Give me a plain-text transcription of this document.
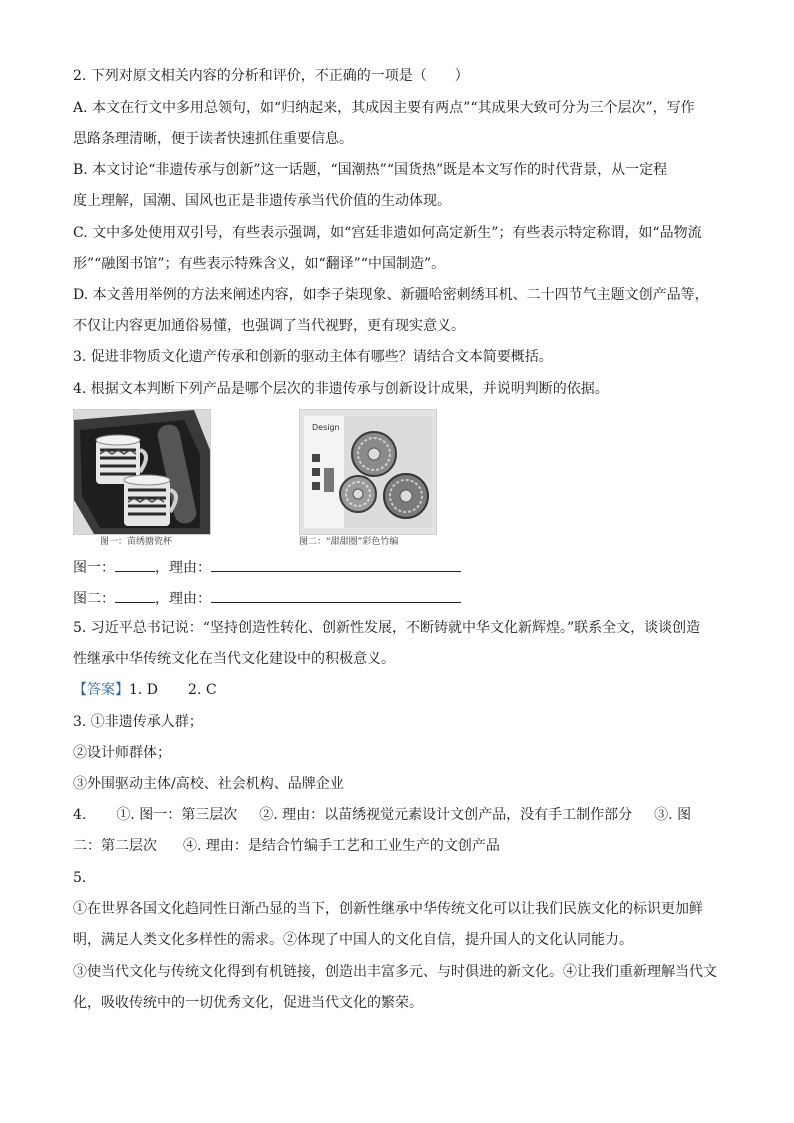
2. 下列对原文相关内容的分析和评价，不正确的一项是（　　）
A. 本文在行文中多用总领句，如“归纳起来，其成因主要有两点”“其成果大致可分为三个层次”，写作
思路条理清晰，便于读者快速抓住重要信息。
B. 本文讨论“非遗传承与创新”这一话题，“国潮热”“国货热”既是本文写作的时代背景，从一定程
度上理解，国潮、国风也正是非遗传承当代价值的生动体现。
C. 文中多处使用双引号，有些表示强调，如“宫廷非遗如何高定新生”；有些表示特定称谓，如“品物流
形”“融图书馆”；有些表示特殊含义，如“翻译”“中国制造”。
D. 本文善用举例的方法来阐述内容，如李子柒现象、新疆哈密刺绣耳机、二十四节气主题文创产品等，
不仅让内容更加通俗易懂，也强调了当代视野，更有现实意义。
3. 促进非物质文化遗产传承和创新的驱动主体有哪些？请结合文本简要概括。
4. 根据文本判断下列产品是哪个层次的非遗传承与创新设计成果，并说明判断的依据。
图一：苗绣搪瓷杯
Design
图二：“甜甜圈”彩色竹编
图一：	，理由：
图二：	，理由：
5. 习近平总书记说：“坚持创造性转化、创新性发展，不断铸就中华文化新辉煌。”联系全文，谈谈创造
性继承中华传统文化在当代文化建设中的积极意义。
【答案】1. D 2. C
3. ①非遗传承人群；
②设计师群体；
③外围驱动主体/高校、社会机构、品牌企业
4. ①. 图一：第三层次 ②. 理由：以苗绣视觉元素设计文创产品，没有手工制作部分 ③. 图
二：第二层次 ④. 理由：是结合竹编手工艺和工业生产的文创产品
5.
①在世界各国文化趋同性日渐凸显的当下，创新性继承中华传统文化可以让我们民族文化的标识更加鲜
明，满足人类文化多样性的需求。②体现了中国人的文化自信，提升国人的文化认同能力。
③使当代文化与传统文化得到有机链接，创造出丰富多元、与时俱进的新文化。④让我们重新理解当代文
化，吸收传统中的一切优秀文化，促进当代文化的繁荣。
